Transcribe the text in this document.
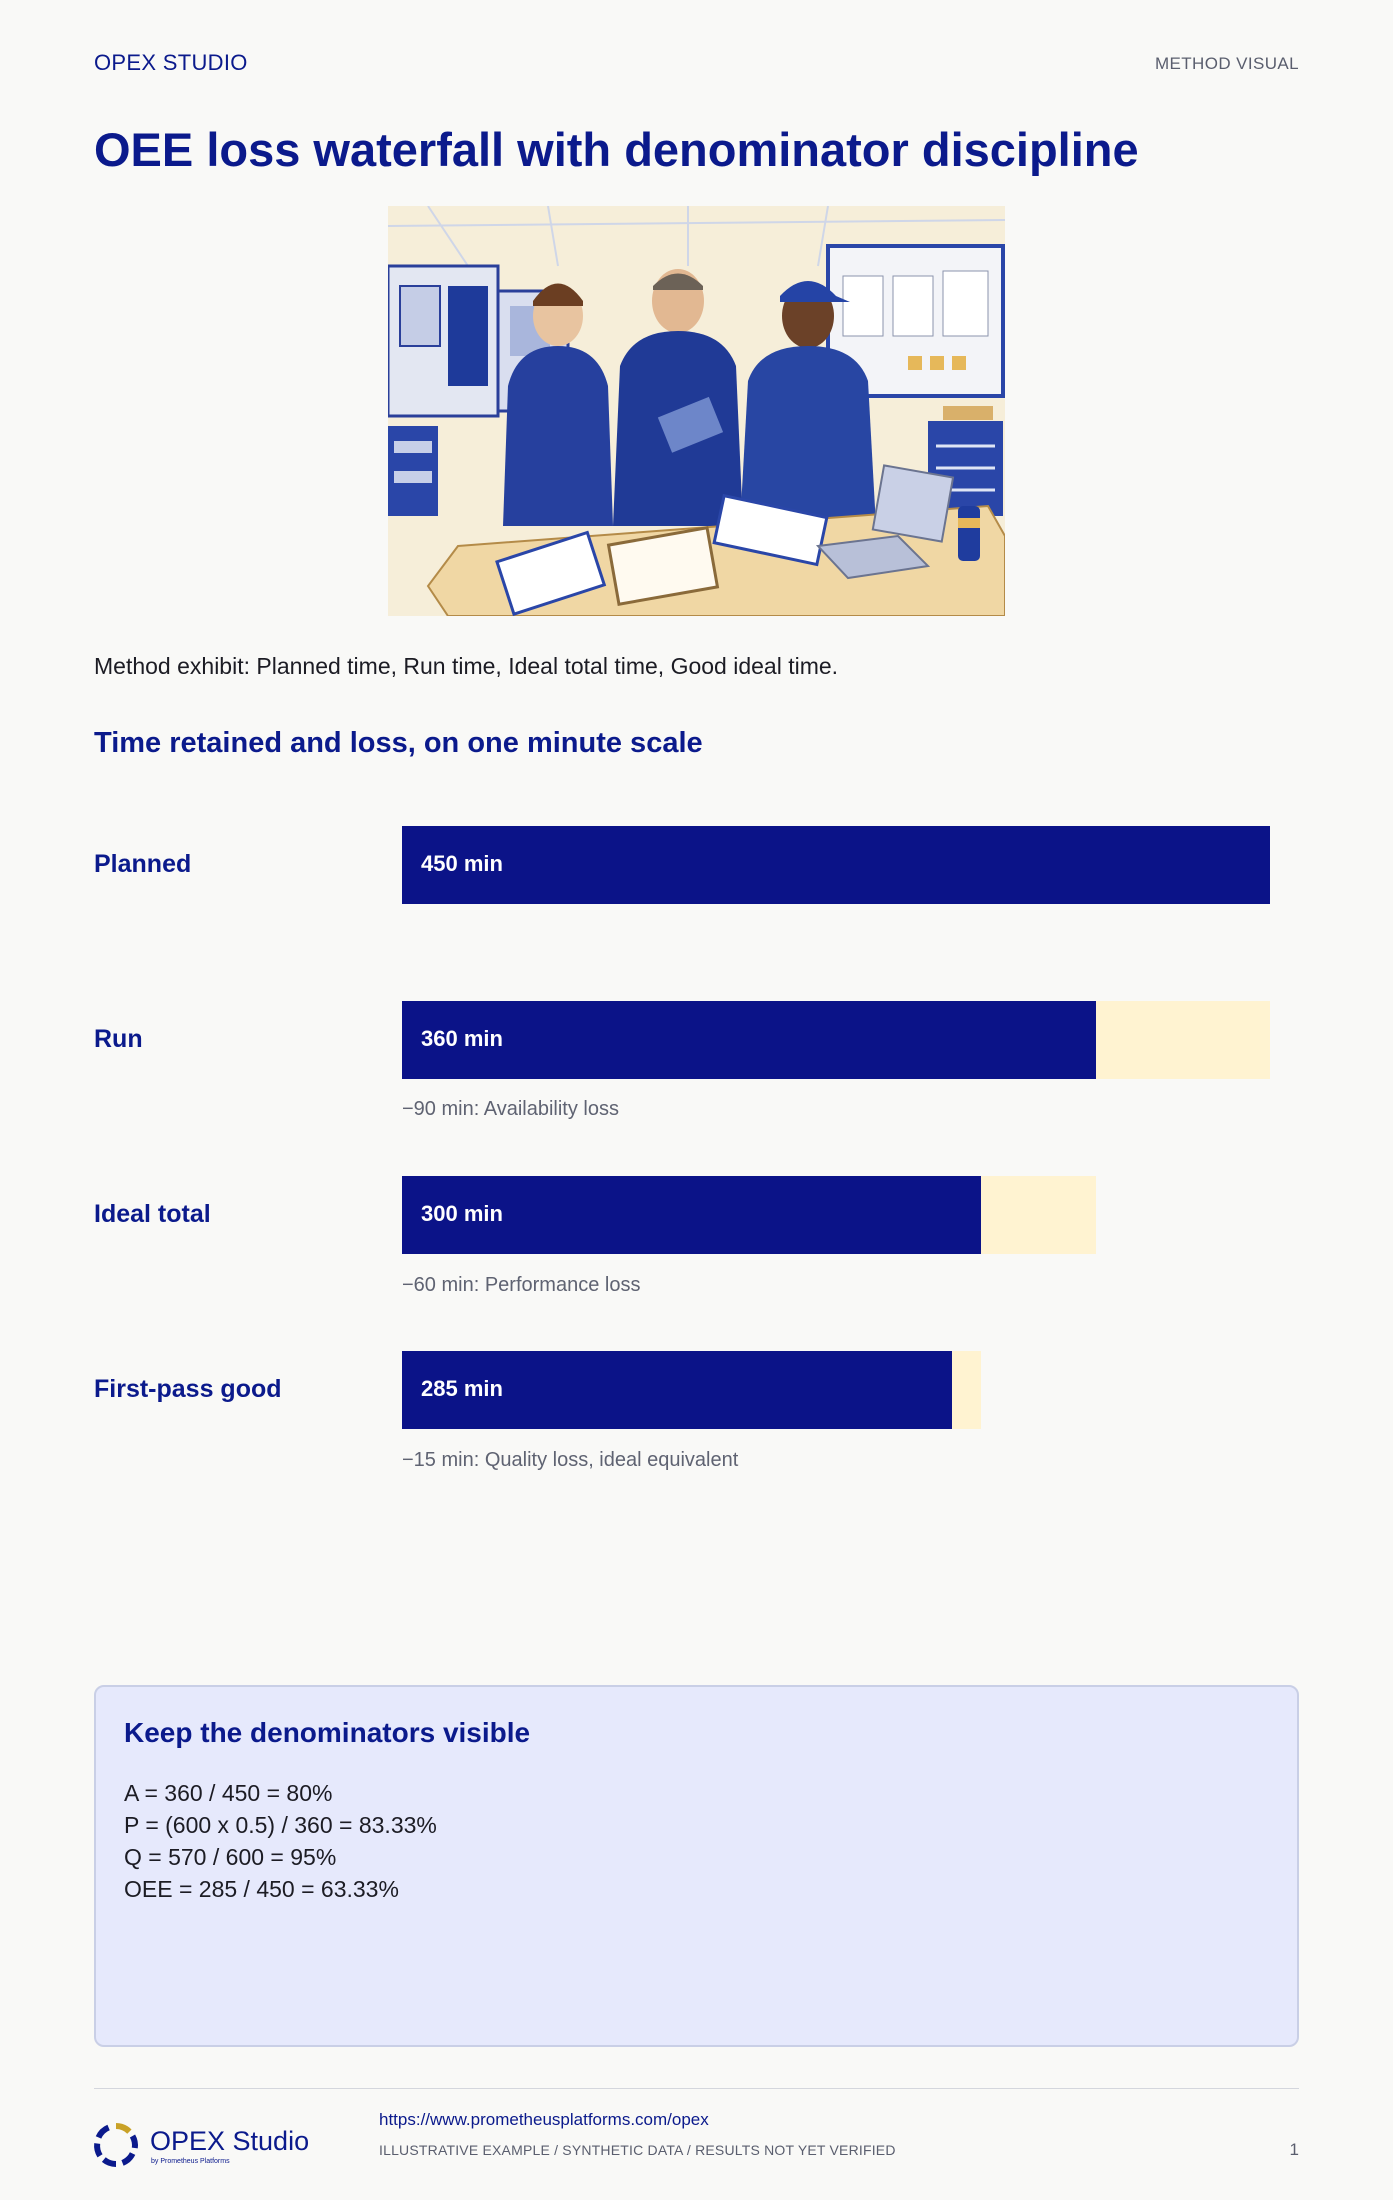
OPEX STUDIO	METHOD VISUAL
OEE loss waterfall with denominator discipline
Method exhibit: Planned time, Run time, Ideal total time, Good ideal time.
Time retained and loss, on one minute scale
Planned	450 min
Run	360 min
−90 min: Availability loss
Ideal total	300 min
−60 min: Performance loss
First-pass good	285 min
−15 min: Quality loss, ideal equivalent
Keep the denominators visible
A = 360 / 450 = 80%
P = (600 x 0.5) / 360 = 83.33%
Q = 570 / 600 = 95%
OEE = 285 / 450 = 63.33%
OPEX Studio
by Prometheus Platforms
https://www.prometheusplatforms.com/opex
ILLUSTRATIVE EXAMPLE / SYNTHETIC DATA / RESULTS NOT YET VERIFIED	1
